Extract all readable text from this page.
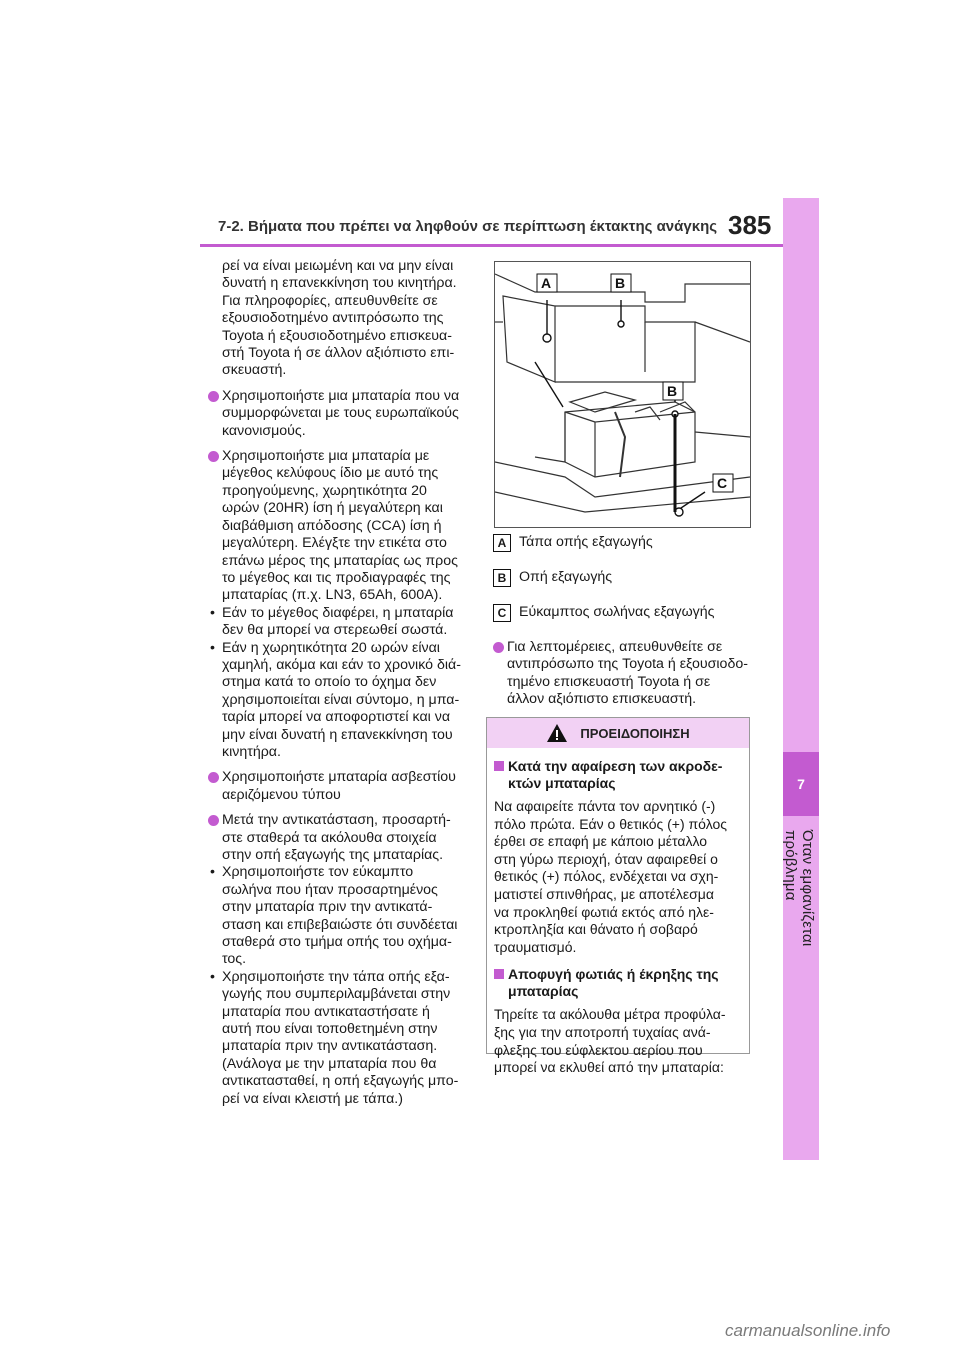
7-2. Βήματα που πρέπει να ληφθούν σε περίπτωση έκτακτης ανάγκης 385
7
Όταν εμφανίζεται πρόβλημα
ρεί να είναι μειωμένη και να μην είναι
δυνατή η επανεκκίνηση του κινητήρα.
Για πληροφορίες, απευθυνθείτε σε
εξουσιοδοτημένο αντιπρόσωπο της
Toyota ή εξουσιοδοτημένο επισκευα-
στή Toyota ή σε άλλον αξιόπιστο επι-
σκευαστή.
Χρησιμοποιήστε μια μπαταρία που να
συμμορφώνεται με τους ευρωπαϊκούς
κανονισμούς.
Χρησιμοποιήστε μια μπαταρία με
μέγεθος κελύφους ίδιο με αυτό της
προηγούμενης, χωρητικότητα 20
ωρών (20HR) ίση ή μεγαλύτερη και
διαβάθμιση απόδοσης (CCA) ίση ή
μεγαλύτερη. Ελέγξτε την ετικέτα στο
επάνω μέρος της μπαταρίας ως προς
το μέγεθος και τις προδιαγραφές της
μπαταρίας (π.χ. LN3, 65Ah, 600A).
• Εάν το μέγεθος διαφέρει, η μπαταρία
δεν θα μπορεί να στερεωθεί σωστά.
• Εάν η χωρητικότητα 20 ωρών είναι
χαμηλή, ακόμα και εάν το χρονικό διά-
στημα κατά το οποίο το όχημα δεν
χρησιμοποιείται είναι σύντομο, η μπα-
ταρία μπορεί να αποφορτιστεί και να
μην είναι δυνατή η επανεκκίνηση του
κινητήρα.
Χρησιμοποιήστε μπαταρία ασβεστίου
αεριζόμενου τύπου
Μετά την αντικατάσταση, προσαρτή-
στε σταθερά τα ακόλουθα στοιχεία
στην οπή εξαγωγής της μπαταρίας.
• Χρησιμοποιήστε τον εύκαμπτο
σωλήνα που ήταν προσαρτημένος
στην μπαταρία πριν την αντικατά-
σταση και επιβεβαιώστε ότι συνδέεται
σταθερά στο τμήμα οπής του οχήμα-
τος.
• Χρησιμοποιήστε την τάπα οπής εξα-
γωγής που συμπεριλαμβάνεται στην
μπαταρία που αντικαταστήσατε ή
αυτή που είναι τοποθετημένη στην
μπαταρία πριν την αντικατάσταση.
(Ανάλογα με την μπαταρία που θα
αντικατασταθεί, η οπή εξαγωγής μπο-
ρεί να είναι κλειστή με τάπα.)
A	B
B
C
A Τάπα οπής εξαγωγής
B Οπή εξαγωγής
C Εύκαμπτος σωλήνας εξαγωγής
Για λεπτομέρειες, απευθυνθείτε σε
αντιπρόσωπο της Toyota ή εξουσιοδο-
τημένο επισκευαστή Toyota ή σε
άλλον αξιόπιστο επισκευαστή.
ΠΡΟΕΙΔΟΠΟΙΗΣΗ
Κατά την αφαίρεση των ακροδε-
κτών μπαταρίας
Να αφαιρείτε πάντα τον αρνητικό (-)
πόλο πρώτα. Εάν ο θετικός (+) πόλος
έρθει σε επαφή με κάποιο μέταλλο
στη γύρω περιοχή, όταν αφαιρεθεί ο
θετικός (+) πόλος, ενδέχεται να σχη-
ματιστεί σπινθήρας, με αποτέλεσμα
να προκληθεί φωτιά εκτός από ηλε-
κτροπληξία και θάνατο ή σοβαρό
τραυματισμό.
Αποφυγή φωτιάς ή έκρηξης της
μπαταρίας
Τηρείτε τα ακόλουθα μέτρα προφύλα-
ξης για την αποτροπή τυχαίας ανά-
φλεξης του εύφλεκτου αερίου που
μπορεί να εκλυθεί από την μπαταρία:
carmanualsonline.info
